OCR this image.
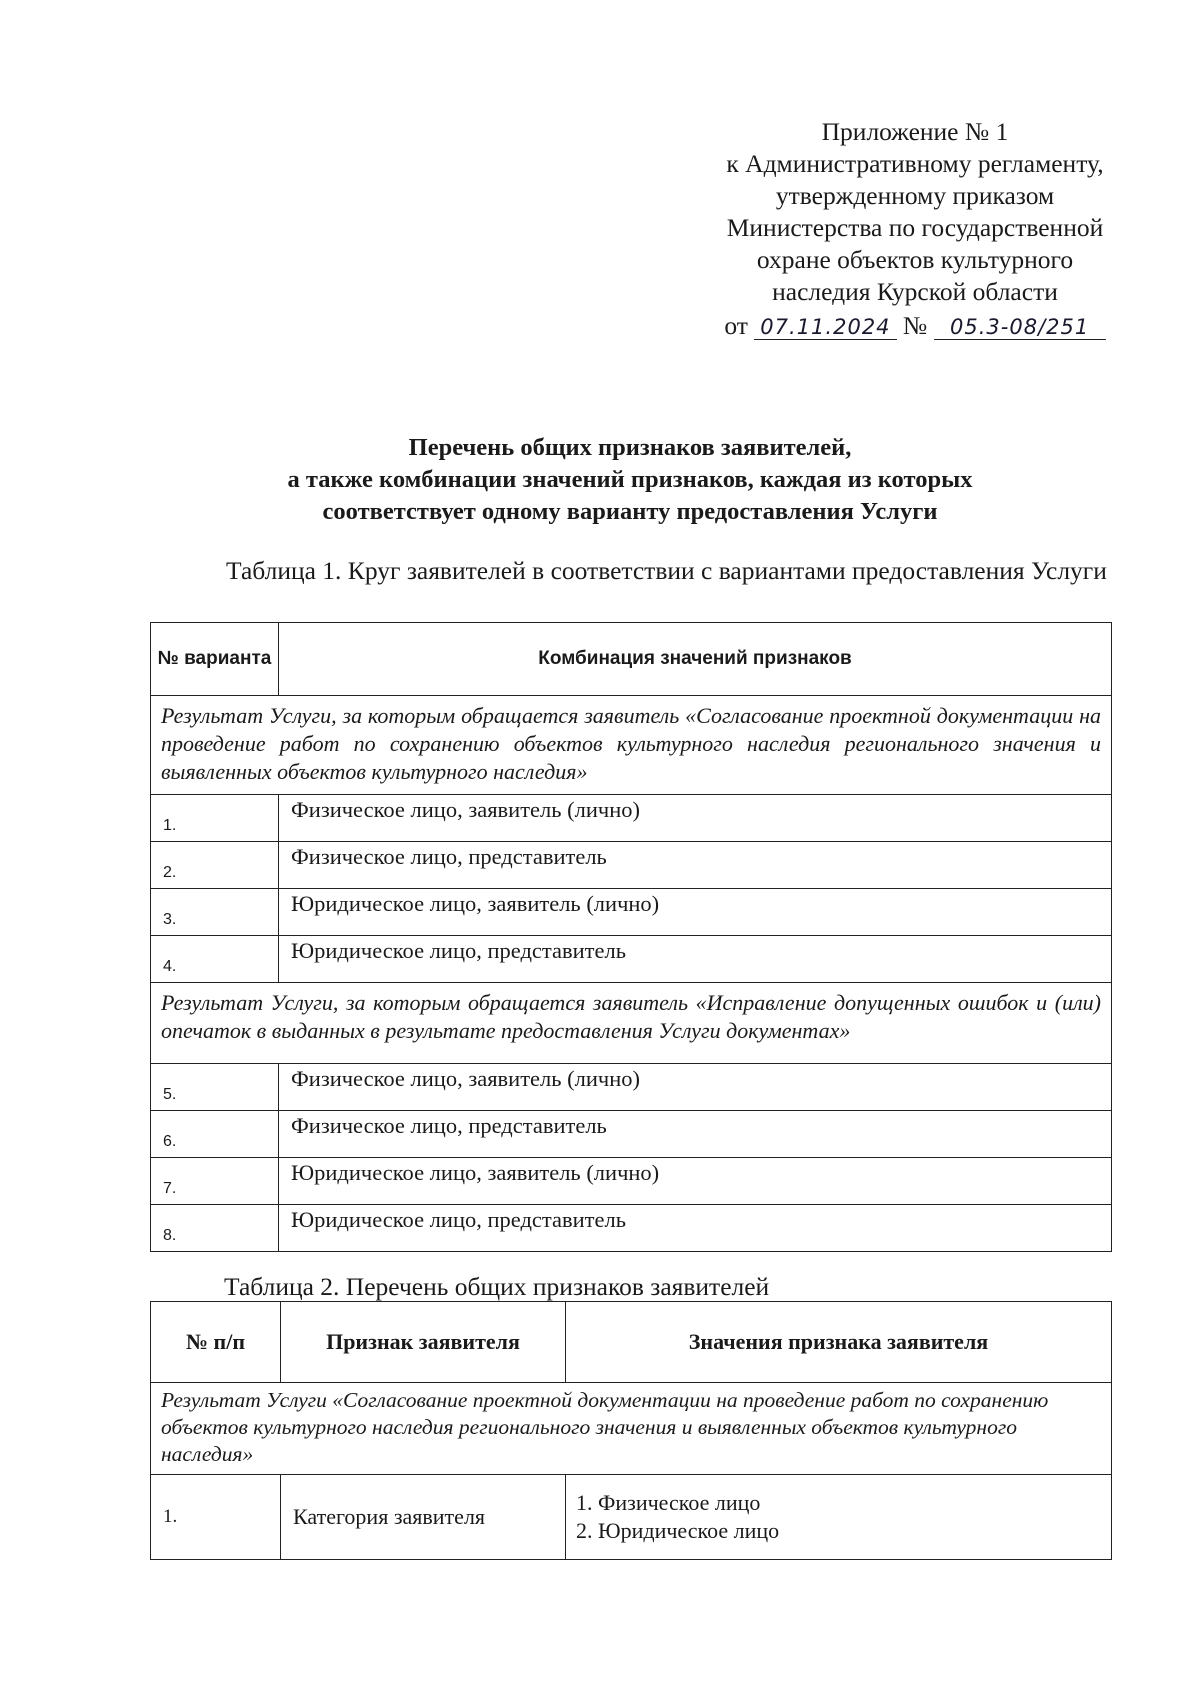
Приложение № 1
к Административному регламенту,
утвержденному приказом
Министерства по государственной
охране объектов культурного
наследия Курской области
от 07.11.2024 № 05.3-08/251
Перечень общих признаков заявителей,
а также комбинации значений признаков, каждая из которых
соответствует одному варианту предоставления Услуги
Таблица 1. Круг заявителей в соответствии с вариантами предоставления Услуги
№ варианта	Комбинация значений признаков
Результат Услуги, за которым обращается заявитель «Согласование проектной документации на проведение работ по сохранению объектов культурного наследия регионального значения и выявленных объектов культурного наследия»	
1.	Физическое лицо, заявитель (лично)
2.	Физическое лицо, представитель
3.	Юридическое лицо, заявитель (лично)
4.	Юридическое лицо, представитель
Результат Услуги, за которым обращается заявитель «Исправление допущенных ошибок и (или) опечаток в выданных в результате предоставления Услуги документах»	
5.	Физическое лицо, заявитель (лично)
6.	Физическое лицо, представитель
7.	Юридическое лицо, заявитель (лично)
8.	Юридическое лицо, представитель
Таблица 2. Перечень общих признаков заявителей
№ п/п	Признак заявителя	Значения признака заявителя
Результат Услуги «Согласование проектной документации на проведение работ по сохранению объектов культурного наследия регионального значения и выявленных объектов культурного наследия»		
1.	Категория заявителя	1. Физическое лицо
2. Юридическое лицо
